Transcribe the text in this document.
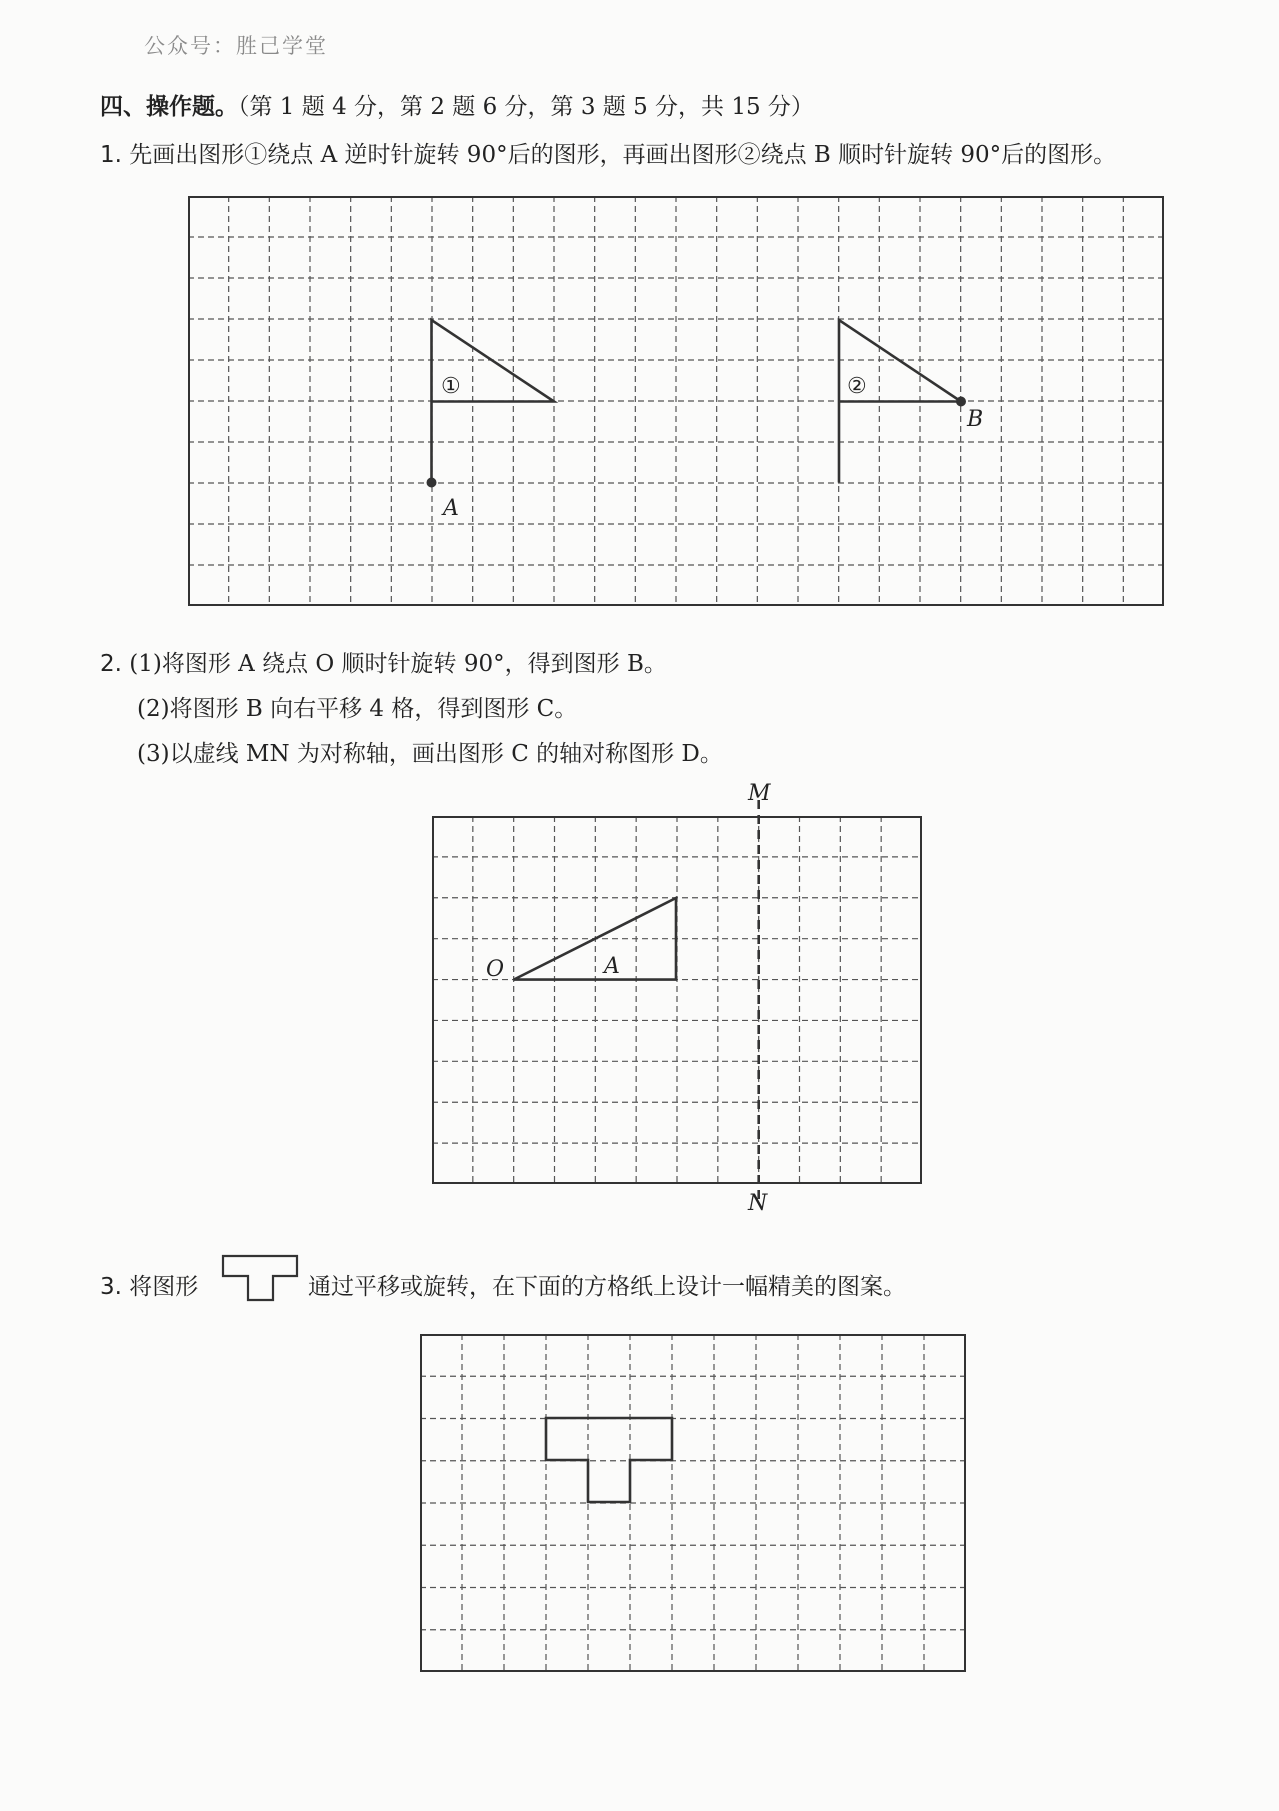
公众号：胜己学堂
四、操作题。（第 1 题 4 分，第 2 题 6 分，第 3 题 5 分，共 15 分）
1. 先画出图形①绕点 A 逆时针旋转 90°后的图形，再画出图形②绕点 B 顺时针旋转 90°后的图形。
A
①
B
②
2. (1)将图形 A 绕点 O 顺时针旋转 90°，得到图形 B。
(2)将图形 B 向右平移 4 格，得到图形 C。
(3)以虚线 MN 为对称轴，画出图形 C 的轴对称图形 D。
M
N
O	A
3. 将图形	通过平移或旋转，在下面的方格纸上设计一幅精美的图案。
